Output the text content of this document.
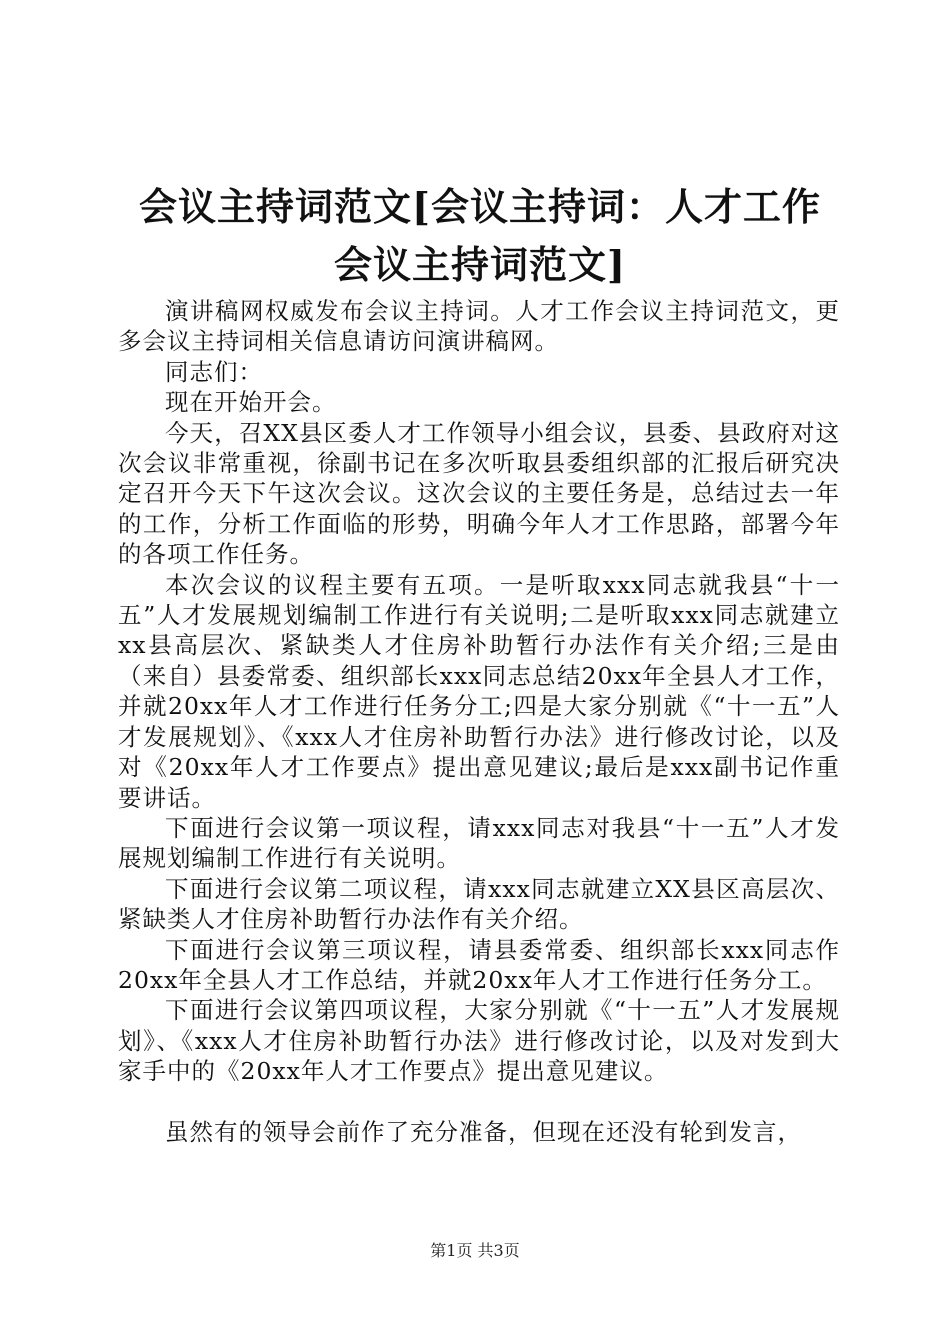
会议主持词范文[会议主持词：人才工作会议主持词范文]

演讲稿网权威发布会议主持词。人才工作会议主持词范文，更多会议主持词相关信息请访问演讲稿网。

同志们：

现在开始开会。

今天，召XX县区委人才工作领导小组会议，县委、县政府对这次会议非常重视，徐副书记在多次听取县委组织部的汇报后研究决定召开今天下午这次会议。这次会议的主要任务是，总结过去一年的工作，分析工作面临的形势，明确今年人才工作思路，部署今年的各项工作任务。

本次会议的议程主要有五项。一是听取xxx同志就我县“十一五”人才发展规划编制工作进行有关说明;二是听取xxx同志就建立xx县高层次、紧缺类人才住房补助暂行办法作有关介绍;三是由（来自）县委常委、组织部长xxx同志总结20xx年全县人才工作，并就20xx年人才工作进行任务分工;四是大家分别就《“十一五”人才发展规划》、《xxx人才住房补助暂行办法》进行修改讨论，以及对《20xx年人才工作要点》提出意见建议;最后是xxx副书记作重要讲话。

下面进行会议第一项议程，请xxx同志对我县“十一五”人才发展规划编制工作进行有关说明。

下面进行会议第二项议程，请xxx同志就建立XX县区高层次、紧缺类人才住房补助暂行办法作有关介绍。

下面进行会议第三项议程，请县委常委、组织部长xxx同志作20xx年全县人才工作总结，并就20xx年人才工作进行任务分工。

下面进行会议第四项议程，大家分别就《“十一五”人才发展规划》、《xxx人才住房补助暂行办法》进行修改讨论，以及对发到大家手中的《20xx年人才工作要点》提出意见建议。

虽然有的领导会前作了充分准备，但现在还没有轮到发言，

第1页 共3页
